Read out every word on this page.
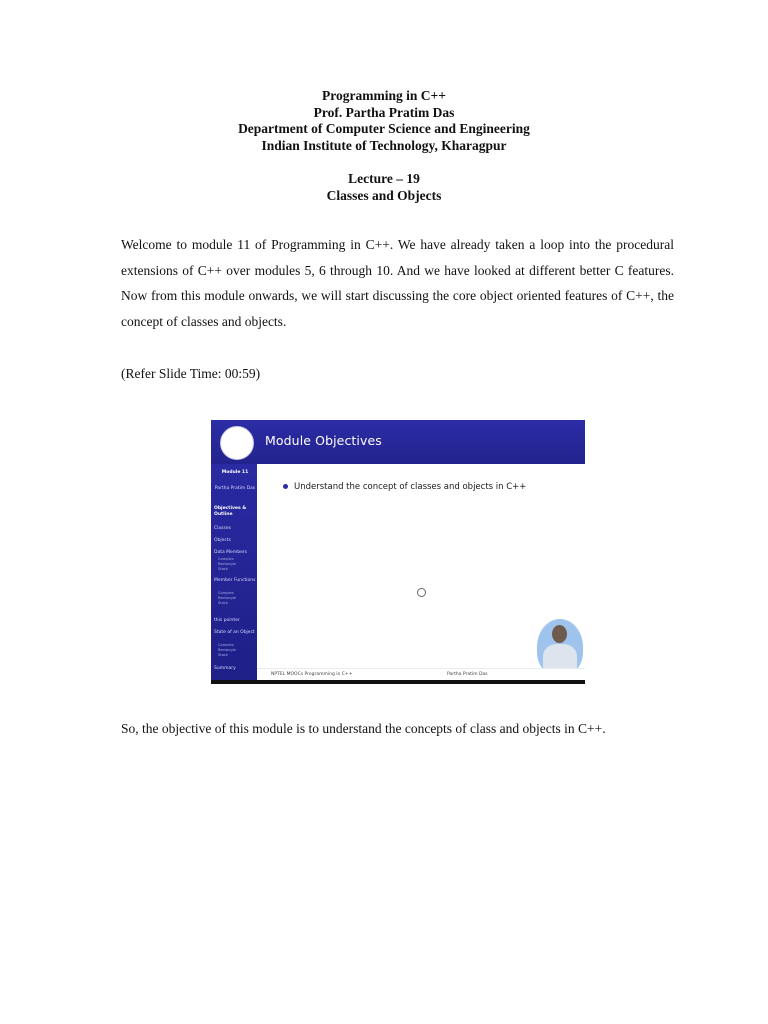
Programming in C++
Prof. Partha Pratim Das
Department of Computer Science and Engineering
Indian Institute of Technology, Kharagpur
Lecture – 19
Classes and Objects
Welcome to module 11 of Programming in C++. We have already taken a loop into the procedural extensions of C++ over modules 5, 6 through 10. And we have looked at different better C features. Now from this module onwards, we will start discussing the core object oriented features of C++, the concept of classes and objects.
(Refer Slide Time: 00:59)
Module Objectives
Module 11
Partha Pratim Das
Objectives & Outline
Classes
Objects
Data Members
Complex
Rectangle
Stack
Member Functions
Complex
Rectangle
Stack
this pointer
State of an Object
Complex
Rectangle
Stack
Summary
Understand the concept of classes and objects in C++
NPTEL MOOCs Programming in C++	Partha Pratim Das
So, the objective of this module is to understand the concepts of class and objects in C++.
